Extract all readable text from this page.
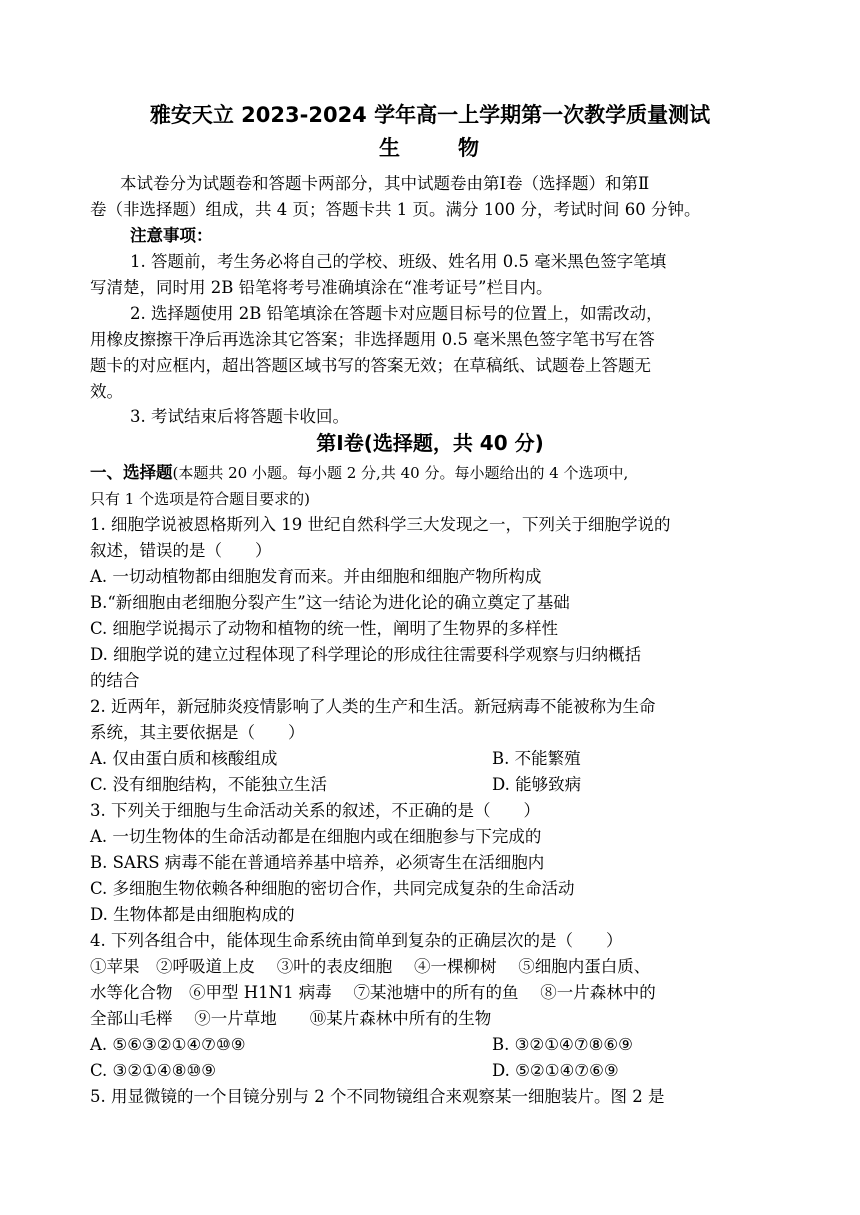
雅安天立 2023-2024 学年高一上学期第一次教学质量测试
生	物
本试卷分为试题卷和答题卡两部分，其中试题卷由第Ⅰ卷（选择题）和第Ⅱ
卷（非选择题）组成，共 4 页；答题卡共 1 页。满分 100 分，考试时间 60 分钟。
注意事项：
1. 答题前，考生务必将自己的学校、班级、姓名用 0.5 毫米黑色签字笔填
写清楚，同时用 2B 铅笔将考号准确填涂在“准考证号”栏目内。
2. 选择题使用 2B 铅笔填涂在答题卡对应题目标号的位置上，如需改动，
用橡皮擦擦干净后再选涂其它答案；非选择题用 0.5 毫米黑色签字笔书写在答
题卡的对应框内，超出答题区域书写的答案无效；在草稿纸、试题卷上答题无
效。
3. 考试结束后将答题卡收回。
第Ⅰ卷(选择题，共 40 分)
一、选择题(本题共 20 小题。每小题 2 分,共 40 分。每小题给出的 4 个选项中,
只有 1 个选项是符合题目要求的)
1. 细胞学说被恩格斯列入 19 世纪自然科学三大发现之一，下列关于细胞学说的
叙述，错误的是（　　）
A. 一切动植物都由细胞发育而来。并由细胞和细胞产物所构成
B.“新细胞由老细胞分裂产生”这一结论为进化论的确立奠定了基础
C. 细胞学说揭示了动物和植物的统一性，阐明了生物界的多样性
D. 细胞学说的建立过程体现了科学理论的形成往往需要科学观察与归纳概括
的结合
2. 近两年，新冠肺炎疫情影响了人类的生产和生活。新冠病毒不能被称为生命
系统，其主要依据是（　　）
A. 仅由蛋白质和核酸组成	B. 不能繁殖
C. 没有细胞结构，不能独立生活	D. 能够致病
3. 下列关于细胞与生命活动关系的叙述，不正确的是（　　）
A. 一切生物体的生命活动都是在细胞内或在细胞参与下完成的
B. SARS 病毒不能在普通培养基中培养，必须寄生在活细胞内
C. 多细胞生物依赖各种细胞的密切合作，共同完成复杂的生命活动
D. 生物体都是由细胞构成的
4. 下列各组合中，能体现生命系统由简单到复杂的正确层次的是（　　）
①苹果　②呼吸道上皮　 ③叶的表皮细胞　 ④一棵柳树　 ⑤细胞内蛋白质、
水等化合物　⑥甲型 H1N1 病毒　 ⑦某池塘中的所有的鱼　 ⑧一片森林中的
全部山毛榉　 ⑨一片草地　　⑩某片森林中所有的生物
A. ⑤⑥③②①④⑦⑩⑨	B. ③②①④⑦⑧⑥⑨
C. ③②①④⑧⑩⑨	D. ⑤②①④⑦⑥⑨
5. 用显微镜的一个目镜分别与 2 个不同物镜组合来观察某一细胞装片。图 2 是
